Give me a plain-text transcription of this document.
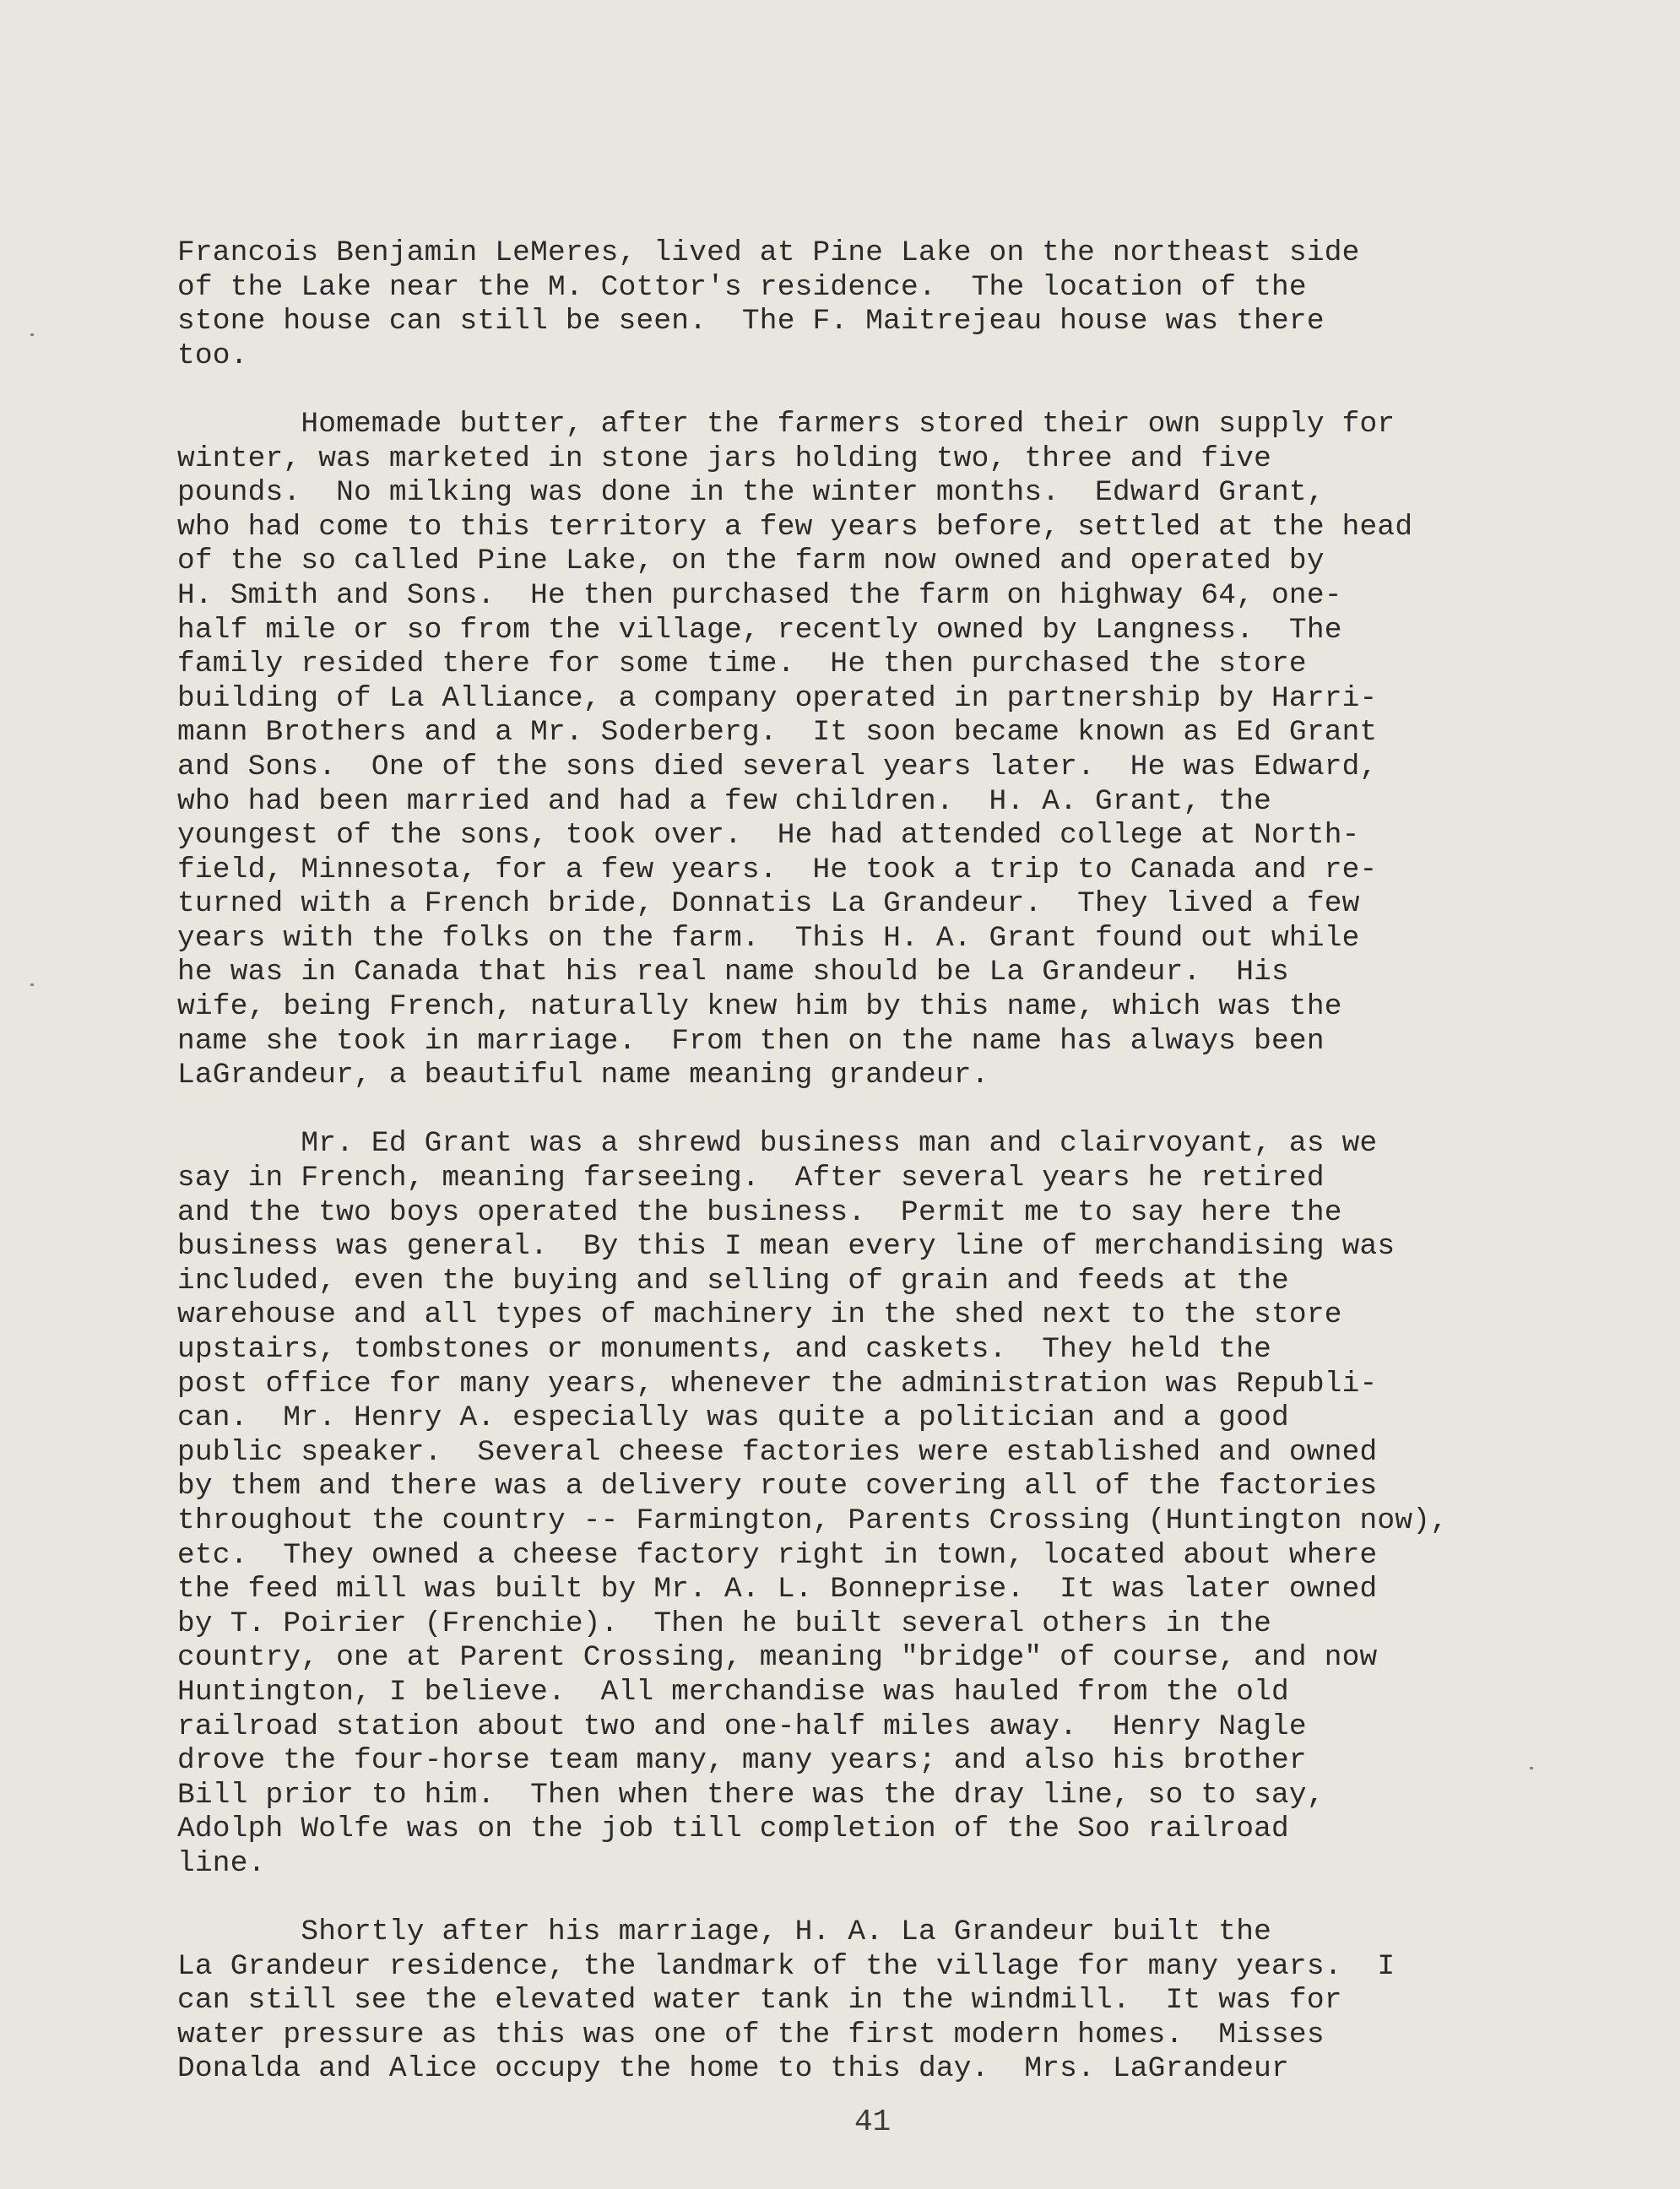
Francois Benjamin LeMeres, lived at Pine Lake on the northeast side
of the Lake near the M. Cottor's residence.  The location of the
stone house can still be seen.  The F. Maitrejeau house was there
too.
Homemade butter, after the farmers stored their own supply for
winter, was marketed in stone jars holding two, three and five
pounds.  No milking was done in the winter months.  Edward Grant,
who had come to this territory a few years before, settled at the head
of the so called Pine Lake, on the farm now owned and operated by
H. Smith and Sons.  He then purchased the farm on highway 64, one-
half mile or so from the village, recently owned by Langness.  The
family resided there for some time.  He then purchased the store
building of La Alliance, a company operated in partnership by Harri-
mann Brothers and a Mr. Soderberg.  It soon became known as Ed Grant
and Sons.  One of the sons died several years later.  He was Edward,
who had been married and had a few children.  H. A. Grant, the
youngest of the sons, took over.  He had attended college at North-
field, Minnesota, for a few years.  He took a trip to Canada and re-
turned with a French bride, Donnatis La Grandeur.  They lived a few
years with the folks on the farm.  This H. A. Grant found out while
he was in Canada that his real name should be La Grandeur.  His
wife, being French, naturally knew him by this name, which was the
name she took in marriage.  From then on the name has always been
LaGrandeur, a beautiful name meaning grandeur.
Mr. Ed Grant was a shrewd business man and clairvoyant, as we
say in French, meaning farseeing.  After several years he retired
and the two boys operated the business.  Permit me to say here the
business was general.  By this I mean every line of merchandising was
included, even the buying and selling of grain and feeds at the
warehouse and all types of machinery in the shed next to the store
upstairs, tombstones or monuments, and caskets.  They held the
post office for many years, whenever the administration was Republi-
can.  Mr. Henry A. especially was quite a politician and a good
public speaker.  Several cheese factories were established and owned
by them and there was a delivery route covering all of the factories
throughout the country -- Farmington, Parents Crossing (Huntington now),
etc.  They owned a cheese factory right in town, located about where
the feed mill was built by Mr. A. L. Bonneprise.  It was later owned
by T. Poirier (Frenchie).  Then he built several others in the
country, one at Parent Crossing, meaning "bridge" of course, and now
Huntington, I believe.  All merchandise was hauled from the old
railroad station about two and one-half miles away.  Henry Nagle
drove the four-horse team many, many years; and also his brother
Bill prior to him.  Then when there was the dray line, so to say,
Adolph Wolfe was on the job till completion of the Soo railroad
line.
Shortly after his marriage, H. A. La Grandeur built the
La Grandeur residence, the landmark of the village for many years.  I
can still see the elevated water tank in the windmill.  It was for
water pressure as this was one of the first modern homes.  Misses
Donalda and Alice occupy the home to this day.  Mrs. LaGrandeur
41
